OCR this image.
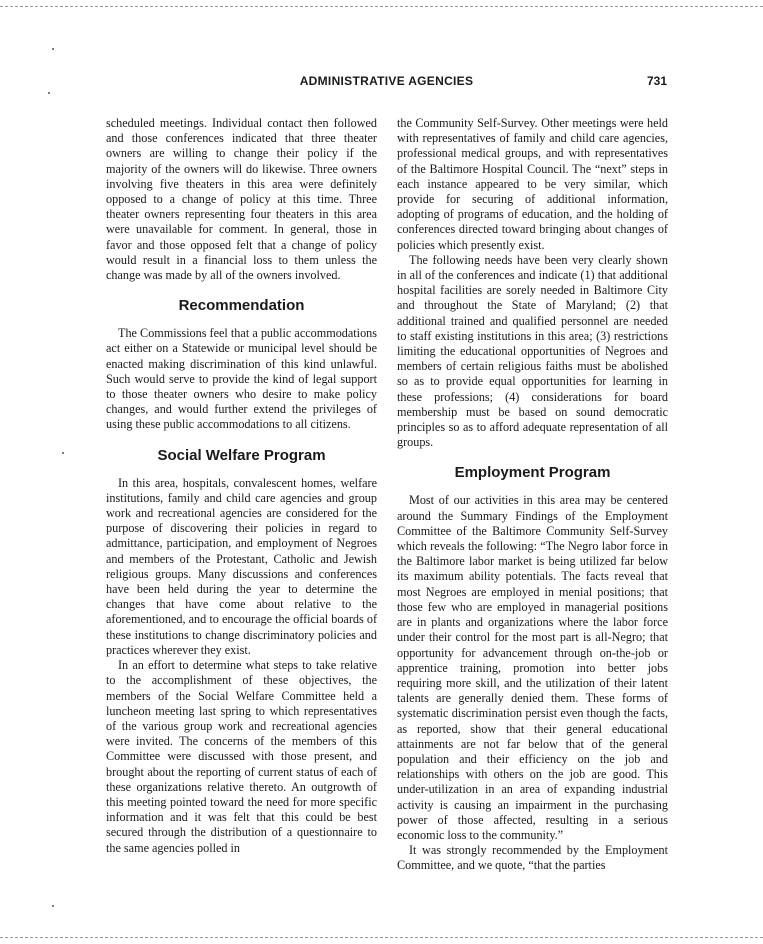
ADMINISTRATIVE AGENCIES	731

scheduled meetings. Individual contact then followed and those conferences indicated that three theater owners are willing to change their policy if the majority of the owners will do likewise. Three owners involving five theaters in this area were definitely opposed to a change of policy at this time. Three theater owners representing four theaters in this area were unavailable for comment. In general, those in favor and those opposed felt that a change of policy would result in a financial loss to them unless the change was made by all of the owners involved.

Recommendation

The Commissions feel that a public accommodations act either on a Statewide or municipal level should be enacted making discrimination of this kind unlawful. Such would serve to provide the kind of legal support to those theater owners who desire to make policy changes, and would further extend the privileges of using these public accommodations to all citizens.

Social Welfare Program

In this area, hospitals, convalescent homes, welfare institutions, family and child care agencies and group work and recreational agencies are considered for the purpose of discovering their policies in regard to admittance, participation, and employment of Negroes and members of the Protestant, Catholic and Jewish religious groups. Many discussions and conferences have been held during the year to determine the changes that have come about relative to the aforementioned, and to encourage the official boards of these institutions to change discriminatory policies and practices wherever they exist.

In an effort to determine what steps to take relative to the accomplishment of these objectives, the members of the Social Welfare Committee held a luncheon meeting last spring to which representatives of the various group work and recreational agencies were invited. The concerns of the members of this Committee were discussed with those present, and brought about the reporting of current status of each of these organizations relative thereto. An outgrowth of this meeting pointed toward the need for more specific information and it was felt that this could be best secured through the distribution of a questionnaire to the same agencies polled in

the Community Self-Survey. Other meetings were held with representatives of family and child care agencies, professional medical groups, and with representatives of the Baltimore Hospital Council. The “next” steps in each instance appeared to be very similar, which provide for securing of additional information, adopting of programs of education, and the holding of conferences directed toward bringing about changes of policies which presently exist.

The following needs have been very clearly shown in all of the conferences and indicate (1) that additional hospital facilities are sorely needed in Baltimore City and throughout the State of Maryland; (2) that additional trained and qualified personnel are needed to staff existing institutions in this area; (3) restrictions limiting the educational opportunities of Negroes and members of certain religious faiths must be abolished so as to provide equal opportunities for learning in these professions; (4) considerations for board membership must be based on sound democratic principles so as to afford adequate representation of all groups.

Employment Program

Most of our activities in this area may be centered around the Summary Findings of the Employment Committee of the Baltimore Community Self-Survey which reveals the following: “The Negro labor force in the Baltimore labor market is being utilized far below its maximum ability potentials. The facts reveal that most Negroes are employed in menial positions; that those few who are employed in managerial positions are in plants and organizations where the labor force under their control for the most part is all-Negro; that opportunity for advancement through on-the-job or apprentice training, promotion into better jobs requiring more skill, and the utilization of their latent talents are generally denied them. These forms of systematic discrimination persist even though the facts, as reported, show that their general educational attainments are not far below that of the general population and their efficiency on the job and relationships with others on the job are good. This under-utilization in an area of expanding industrial activity is causing an impairment in the purchasing power of those affected, resulting in a serious economic loss to the community.”

It was strongly recommended by the Employment Committee, and we quote, “that the parties
